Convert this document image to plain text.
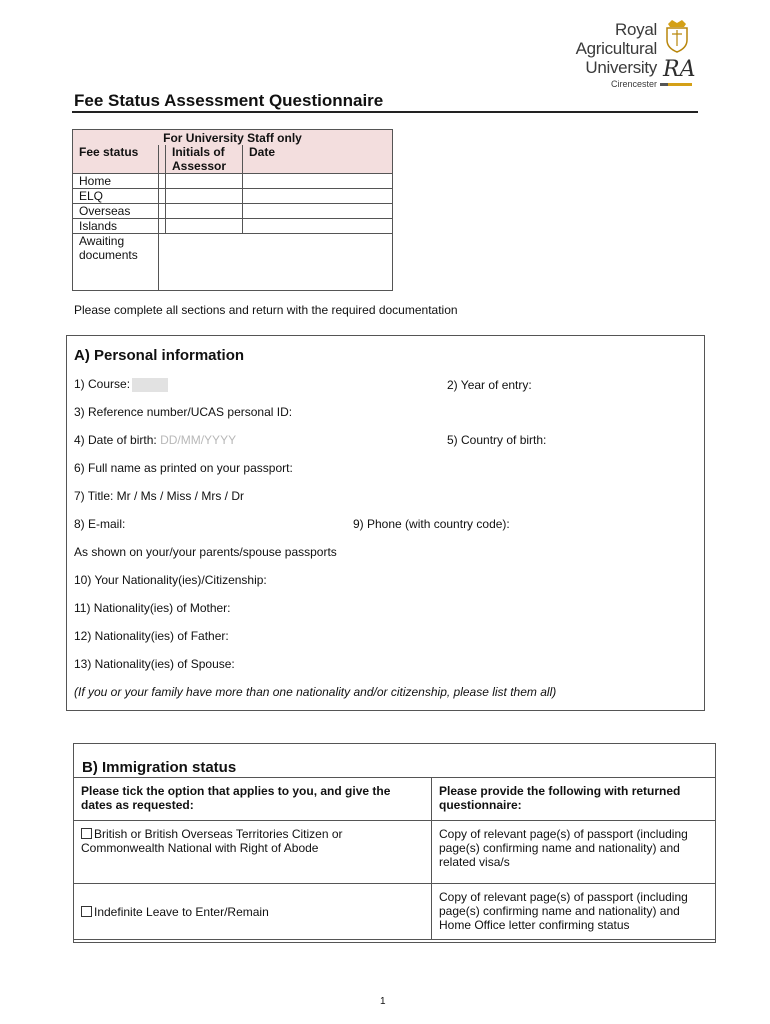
Royal
Agricultural
University
Cirencester
RA
Fee Status Assessment Questionnaire
For University Staff only			
Fee status		Initials of Assessor	Date
Home			
ELQ			
Overseas			
Islands			
Awaiting documents			
Please complete all sections and return with the required documentation
A) Personal information
1) Course:	2) Year of entry:
3) Reference number/UCAS personal ID:
4) Date of birth: DD/MM/YYYY	5) Country of birth:
6) Full name as printed on your passport:
7) Title: Mr / Ms / Miss / Mrs / Dr
8) E-mail:	9) Phone (with country code):
As shown on your/your parents/spouse passports
10) Your Nationality(ies)/Citizenship:
11) Nationality(ies) of Mother:
12) Nationality(ies) of Father:
13) Nationality(ies) of Spouse:
(If you or your family have more than one nationality and/or citizenship, please list them all)
B) Immigration status
Please tick the option that applies to you, and give the dates as requested:	Please provide the following with returned questionnaire:
British or British Overseas Territories Citizen or Commonwealth National with Right of Abode	Copy of relevant page(s) of passport (including page(s) confirming name and nationality) and related visa/s
Indefinite Leave to Enter/Remain	Copy of relevant page(s) of passport (including page(s) confirming name and nationality) and Home Office letter confirming status
1
